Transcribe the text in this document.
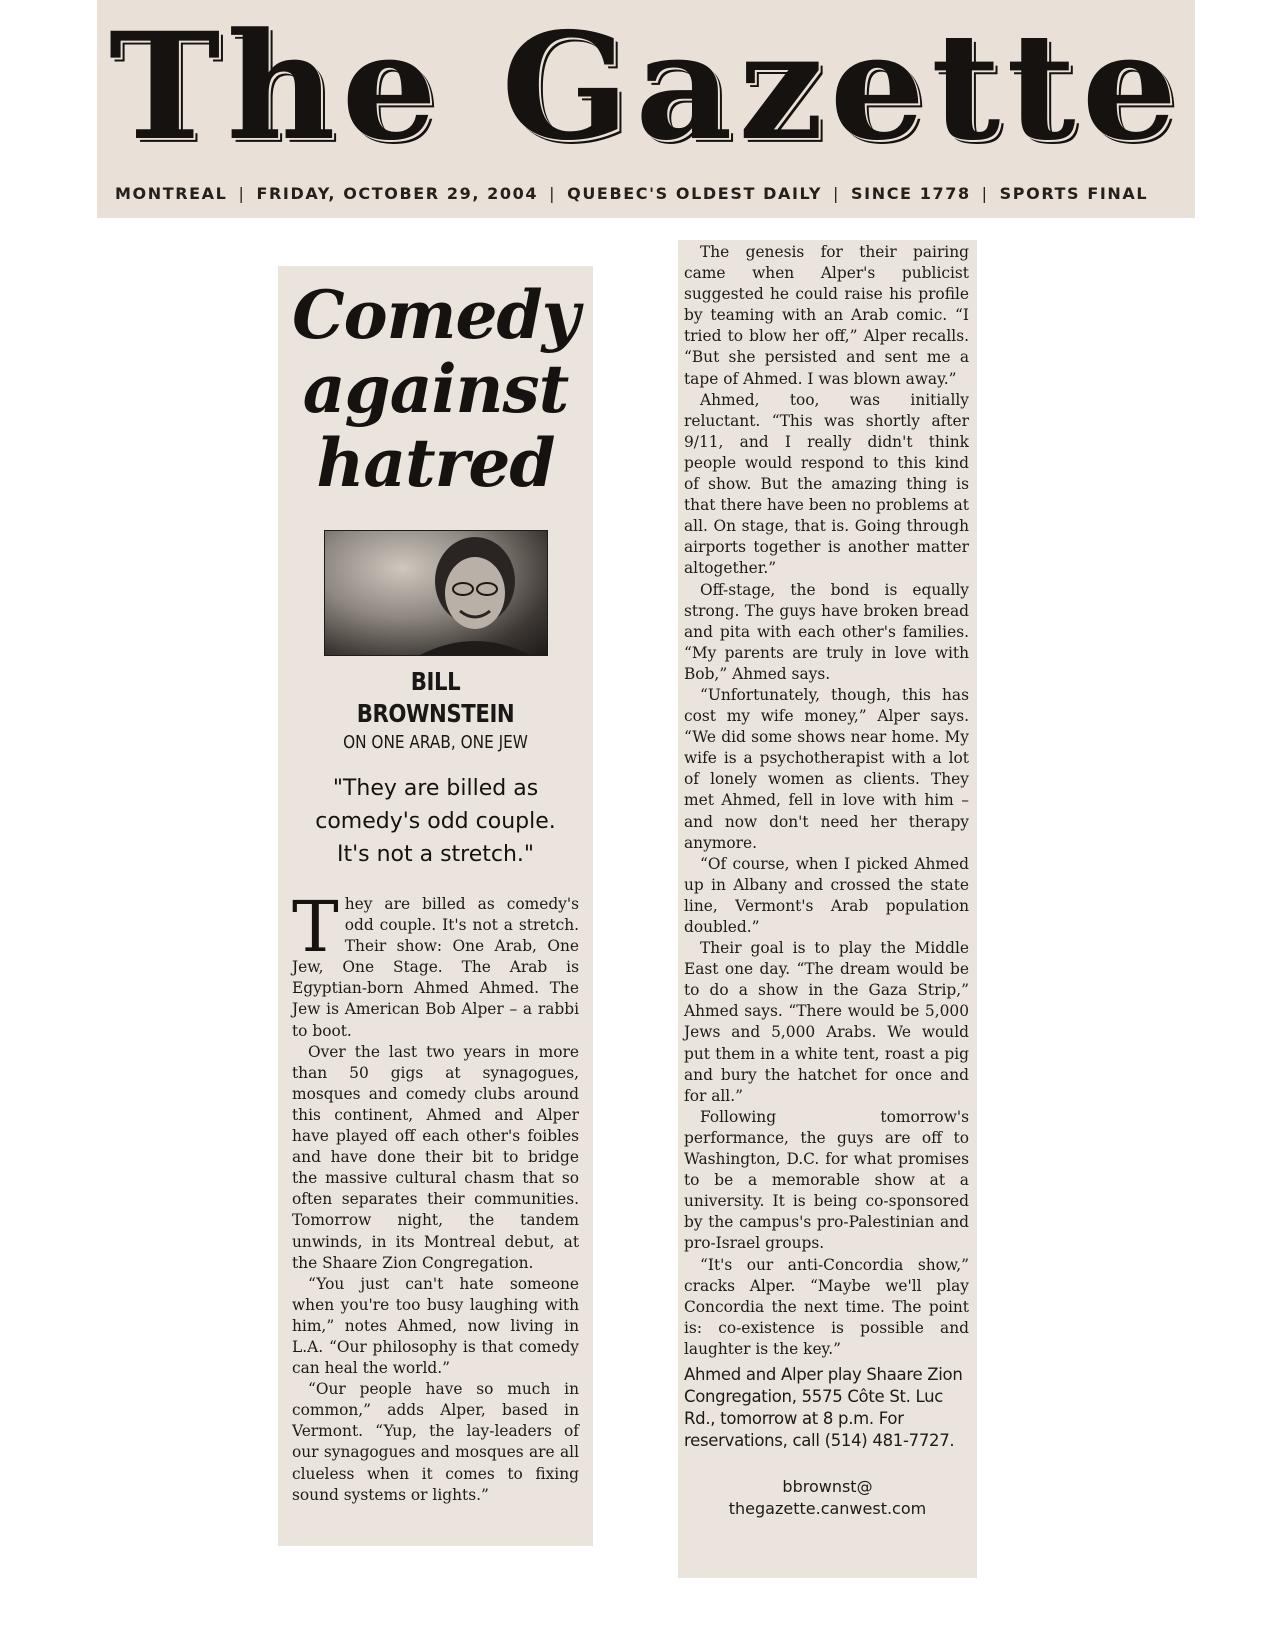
The Gazette
MONTREAL | FRIDAY, OCTOBER 29, 2004 | QUEBEC'S OLDEST DAILY | SINCE 1778 | SPORTS FINAL
Comedy
against
hatred
BILL
BROWNSTEIN
ON ONE ARAB, ONE JEW
"They are billed as
comedy's odd couple.
It's not a stretch."

They are billed as comedy's odd couple. It's not a stretch. Their show: One Arab, One Jew, One Stage. The Arab is Egyptian-born Ahmed Ahmed. The Jew is American Bob Alper – a rabbi to boot.

Over the last two years in more than 50 gigs at synagogues, mosques and comedy clubs around this continent, Ahmed and Alper have played off each other's foibles and have done their bit to bridge the massive cultural chasm that so often separates their communities. Tomorrow night, the tandem unwinds, in its Montreal debut, at the Shaare Zion Congregation.

“You just can't hate someone when you're too busy laughing with him,” notes Ahmed, now living in L.A. “Our philosophy is that comedy can heal the world.”

“Our people have so much in common,” adds Alper, based in Vermont. “Yup, the lay-leaders of our synagogues and mosques are all clueless when it comes to fixing sound systems or lights.”

The genesis for their pairing came when Alper's publicist suggested he could raise his profile by teaming with an Arab comic. “I tried to blow her off,” Alper recalls. “But she persisted and sent me a tape of Ahmed. I was blown away.”

Ahmed, too, was initially reluctant. “This was shortly after 9/11, and I really didn't think people would respond to this kind of show. But the amazing thing is that there have been no problems at all. On stage, that is. Going through airports together is another matter altogether.”

Off-stage, the bond is equally strong. The guys have broken bread and pita with each other's families. “My parents are truly in love with Bob,” Ahmed says.

“Unfortunately, though, this has cost my wife money,” Alper says. “We did some shows near home. My wife is a psychotherapist with a lot of lonely women as clients. They met Ahmed, fell in love with him – and now don't need her therapy anymore.

“Of course, when I picked Ahmed up in Albany and crossed the state line, Vermont's Arab population doubled.”

Their goal is to play the Middle East one day. “The dream would be to do a show in the Gaza Strip,” Ahmed says. “There would be 5,000 Jews and 5,000 Arabs. We would put them in a white tent, roast a pig and bury the hatchet for once and for all.”

Following tomorrow's performance, the guys are off to Washington, D.C. for what promises to be a memorable show at a university. It is being co-sponsored by the campus's pro-Palestinian and pro-Israel groups.

“It's our anti-Concordia show,” cracks Alper. “Maybe we'll play Concordia the next time. The point is: co-existence is possible and laughter is the key.”

Ahmed and Alper play Shaare Zion Congregation, 5575 Côte St. Luc Rd., tomorrow at 8 p.m. For reservations, call (514) 481-7727.
bbrownst@
thegazette.canwest.com
